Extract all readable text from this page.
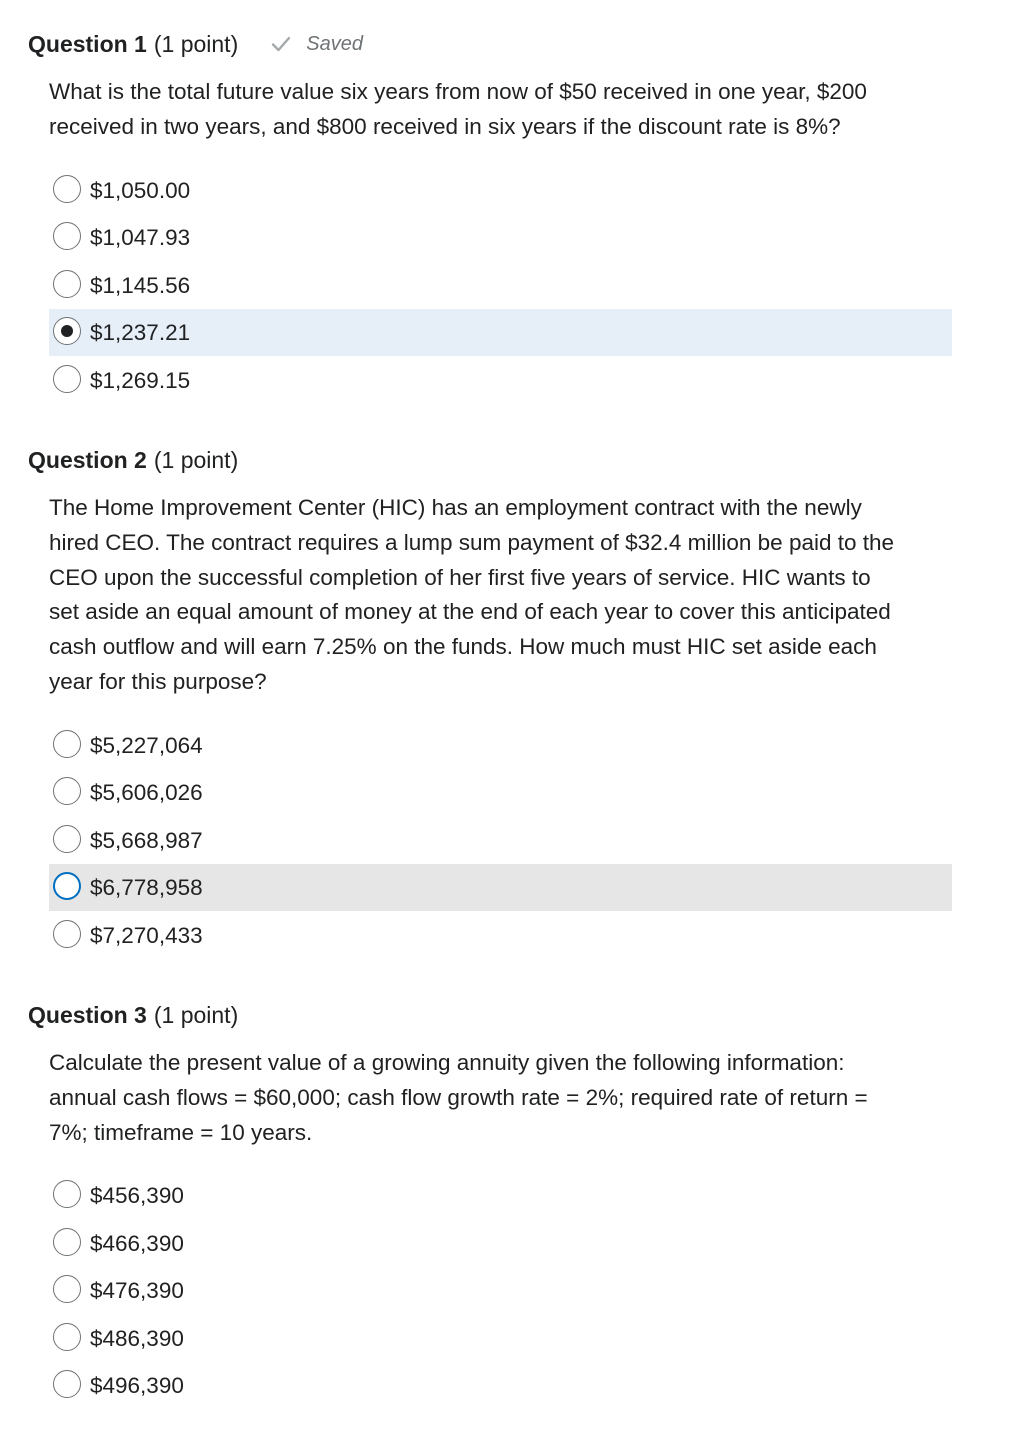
Question 1 (1 point)	Saved

What is the total future value six years from now of $50 received in one year, $200
received in two years, and $800 received in six years if the discount rate is 8%?

$1,050.00
$1,047.93
$1,145.56
$1,237.21
$1,269.15
Question 2 (1 point)

The Home Improvement Center (HIC) has an employment contract with the newly
hired CEO. The contract requires a lump sum payment of $32.4 million be paid to the
CEO upon the successful completion of her first five years of service. HIC wants to
set aside an equal amount of money at the end of each year to cover this anticipated
cash outflow and will earn 7.25% on the funds. How much must HIC set aside each
year for this purpose?

$5,227,064
$5,606,026
$5,668,987
$6,778,958
$7,270,433
Question 3 (1 point)

Calculate the present value of a growing annuity given the following information:
annual cash flows = $60,000; cash flow growth rate = 2%; required rate of return =
7%; timeframe = 10 years.

$456,390
$466,390
$476,390
$486,390
$496,390
